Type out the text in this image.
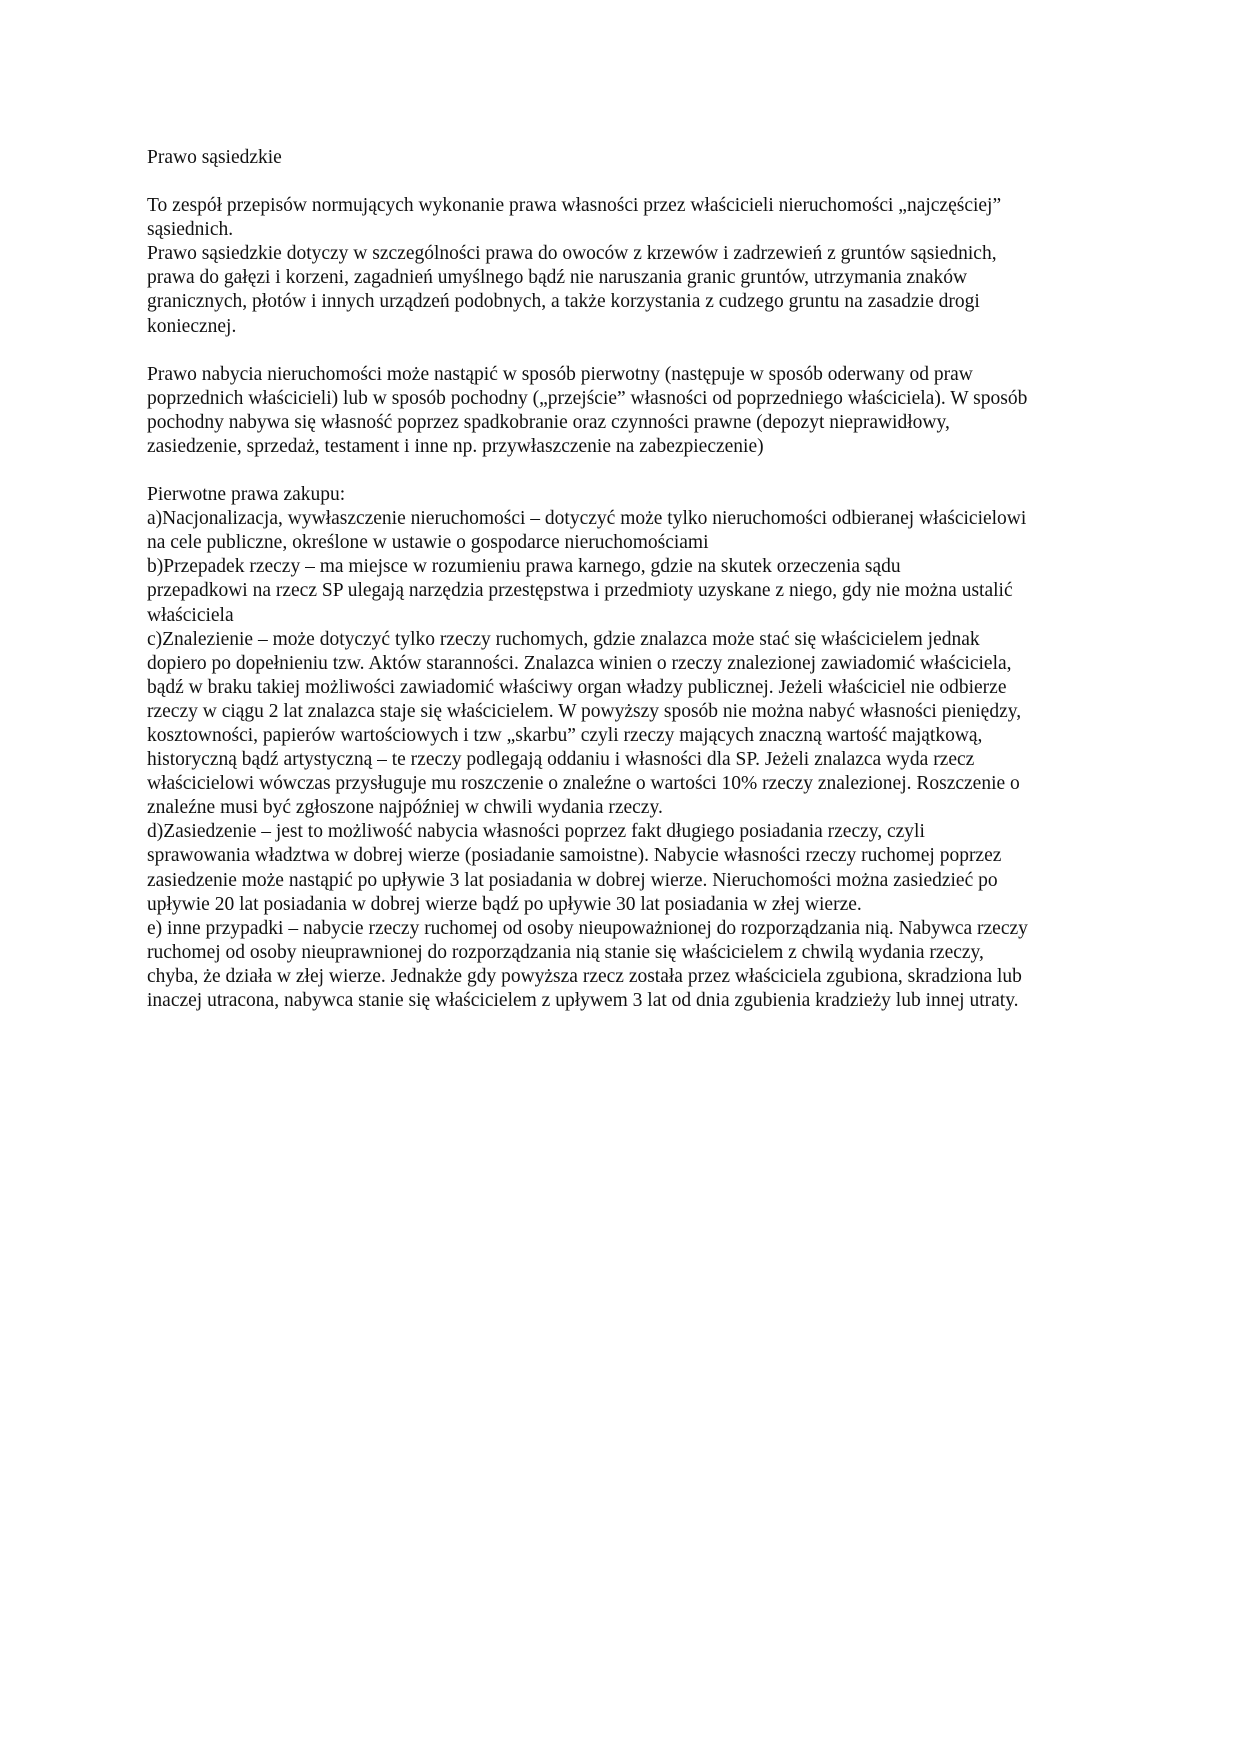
Prawo sąsiedzkie

To zespół przepisów normujących wykonanie prawa własności przez właścicieli nieruchomości „najczęściej”
sąsiednich.
Prawo sąsiedzkie dotyczy w szczególności prawa do owoców z krzewów i zadrzewień z gruntów sąsiednich,
prawa do gałęzi i korzeni, zagadnień umyślnego bądź nie naruszania granic gruntów, utrzymania znaków
granicznych, płotów i innych urządzeń podobnych, a także korzystania z cudzego gruntu na zasadzie drogi
koniecznej.

Prawo nabycia nieruchomości może nastąpić w sposób pierwotny (następuje w sposób oderwany od praw
poprzednich właścicieli) lub w sposób pochodny („przejście” własności od poprzedniego właściciela). W sposób
pochodny nabywa się własność poprzez spadkobranie oraz czynności prawne (depozyt nieprawidłowy,
zasiedzenie, sprzedaż, testament i inne np. przywłaszczenie na zabezpieczenie)

Pierwotne prawa zakupu:
a)Nacjonalizacja, wywłaszczenie nieruchomości – dotyczyć może tylko nieruchomości odbieranej właścicielowi
na cele publiczne, określone w ustawie o gospodarce nieruchomościami
b)Przepadek rzeczy – ma miejsce w rozumieniu prawa karnego, gdzie na skutek orzeczenia sądu
przepadkowi na rzecz SP ulegają narzędzia przestępstwa i przedmioty uzyskane z niego, gdy nie można ustalić
właściciela
c)Znalezienie – może dotyczyć tylko rzeczy ruchomych, gdzie znalazca może stać się właścicielem jednak
dopiero po dopełnieniu tzw. Aktów staranności. Znalazca winien o rzeczy znalezionej zawiadomić właściciela,
bądź w braku takiej możliwości zawiadomić właściwy organ władzy publicznej. Jeżeli właściciel nie odbierze
rzeczy w ciągu 2 lat znalazca staje się właścicielem. W powyższy sposób nie można nabyć własności pieniędzy,
kosztowności, papierów wartościowych i tzw „skarbu” czyli rzeczy mających znaczną wartość majątkową,
historyczną bądź artystyczną – te rzeczy podlegają oddaniu i własności dla SP. Jeżeli znalazca wyda rzecz
właścicielowi wówczas przysługuje mu roszczenie o znaleźne o wartości 10% rzeczy znalezionej. Roszczenie o
znaleźne musi być zgłoszone najpóźniej w chwili wydania rzeczy.
d)Zasiedzenie – jest to możliwość nabycia własności poprzez fakt długiego posiadania rzeczy, czyli
sprawowania władztwa w dobrej wierze (posiadanie samoistne). Nabycie własności rzeczy ruchomej poprzez
zasiedzenie może nastąpić po upływie 3 lat posiadania w dobrej wierze. Nieruchomości można zasiedzieć po
upływie 20 lat posiadania w dobrej wierze bądź po upływie 30 lat posiadania w złej wierze.
e) inne przypadki – nabycie rzeczy ruchomej od osoby nieupoważnionej do rozporządzania nią. Nabywca rzeczy
ruchomej od osoby nieuprawnionej do rozporządzania nią stanie się właścicielem z chwilą wydania rzeczy,
chyba, że działa w złej wierze. Jednakże gdy powyższa rzecz została przez właściciela zgubiona, skradziona lub
inaczej utracona, nabywca stanie się właścicielem z upływem 3 lat od dnia zgubienia kradzieży lub innej utraty.
